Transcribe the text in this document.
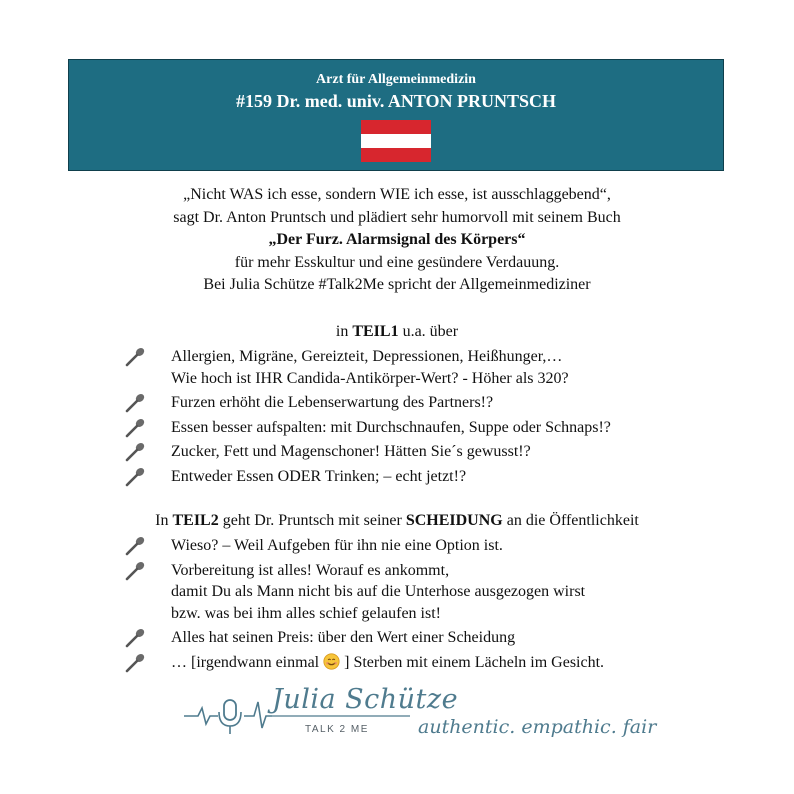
Arzt für Allgemeinmedizin
#159 Dr. med. univ. ANTON PRUNTSCH
„Nicht WAS ich esse, sondern WIE ich esse, ist ausschlaggebend“,
sagt Dr. Anton Pruntsch und plädiert sehr humorvoll mit seinem Buch
„Der Furz. Alarmsignal des Körpers“
für mehr Esskultur und eine gesündere Verdauung.
Bei Julia Schütze #Talk2Me spricht der Allgemeinmediziner
in TEIL1 u.a. über
Allergien, Migräne, Gereizteit, Depressionen, Heißhunger,…
Wie hoch ist IHR Candida-Antikörper-Wert? - Höher als 320?
Furzen erhöht die Lebenserwartung des Partners!?
Essen besser aufspalten: mit Durchschnaufen, Suppe oder Schnaps!?
Zucker, Fett und Magenschoner! Hätten Sie´s gewusst!?
Entweder Essen ODER Trinken; – echt jetzt!?
In TEIL2 geht Dr. Pruntsch mit seiner SCHEIDUNG an die Öffentlichkeit
Wieso? – Weil Aufgeben für ihn nie eine Option ist.
Vorbereitung ist alles! Worauf es ankommt,
damit Du als Mann nicht bis auf die Unterhose ausgezogen wirst
bzw. was bei ihm alles schief gelaufen ist!
Alles hat seinen Preis: über den Wert einer Scheidung
… [irgendwann einmal ] Sterben mit einem Lächeln im Gesicht.
Julia Schütze
TALK 2 ME	authentic. empathic. fair
